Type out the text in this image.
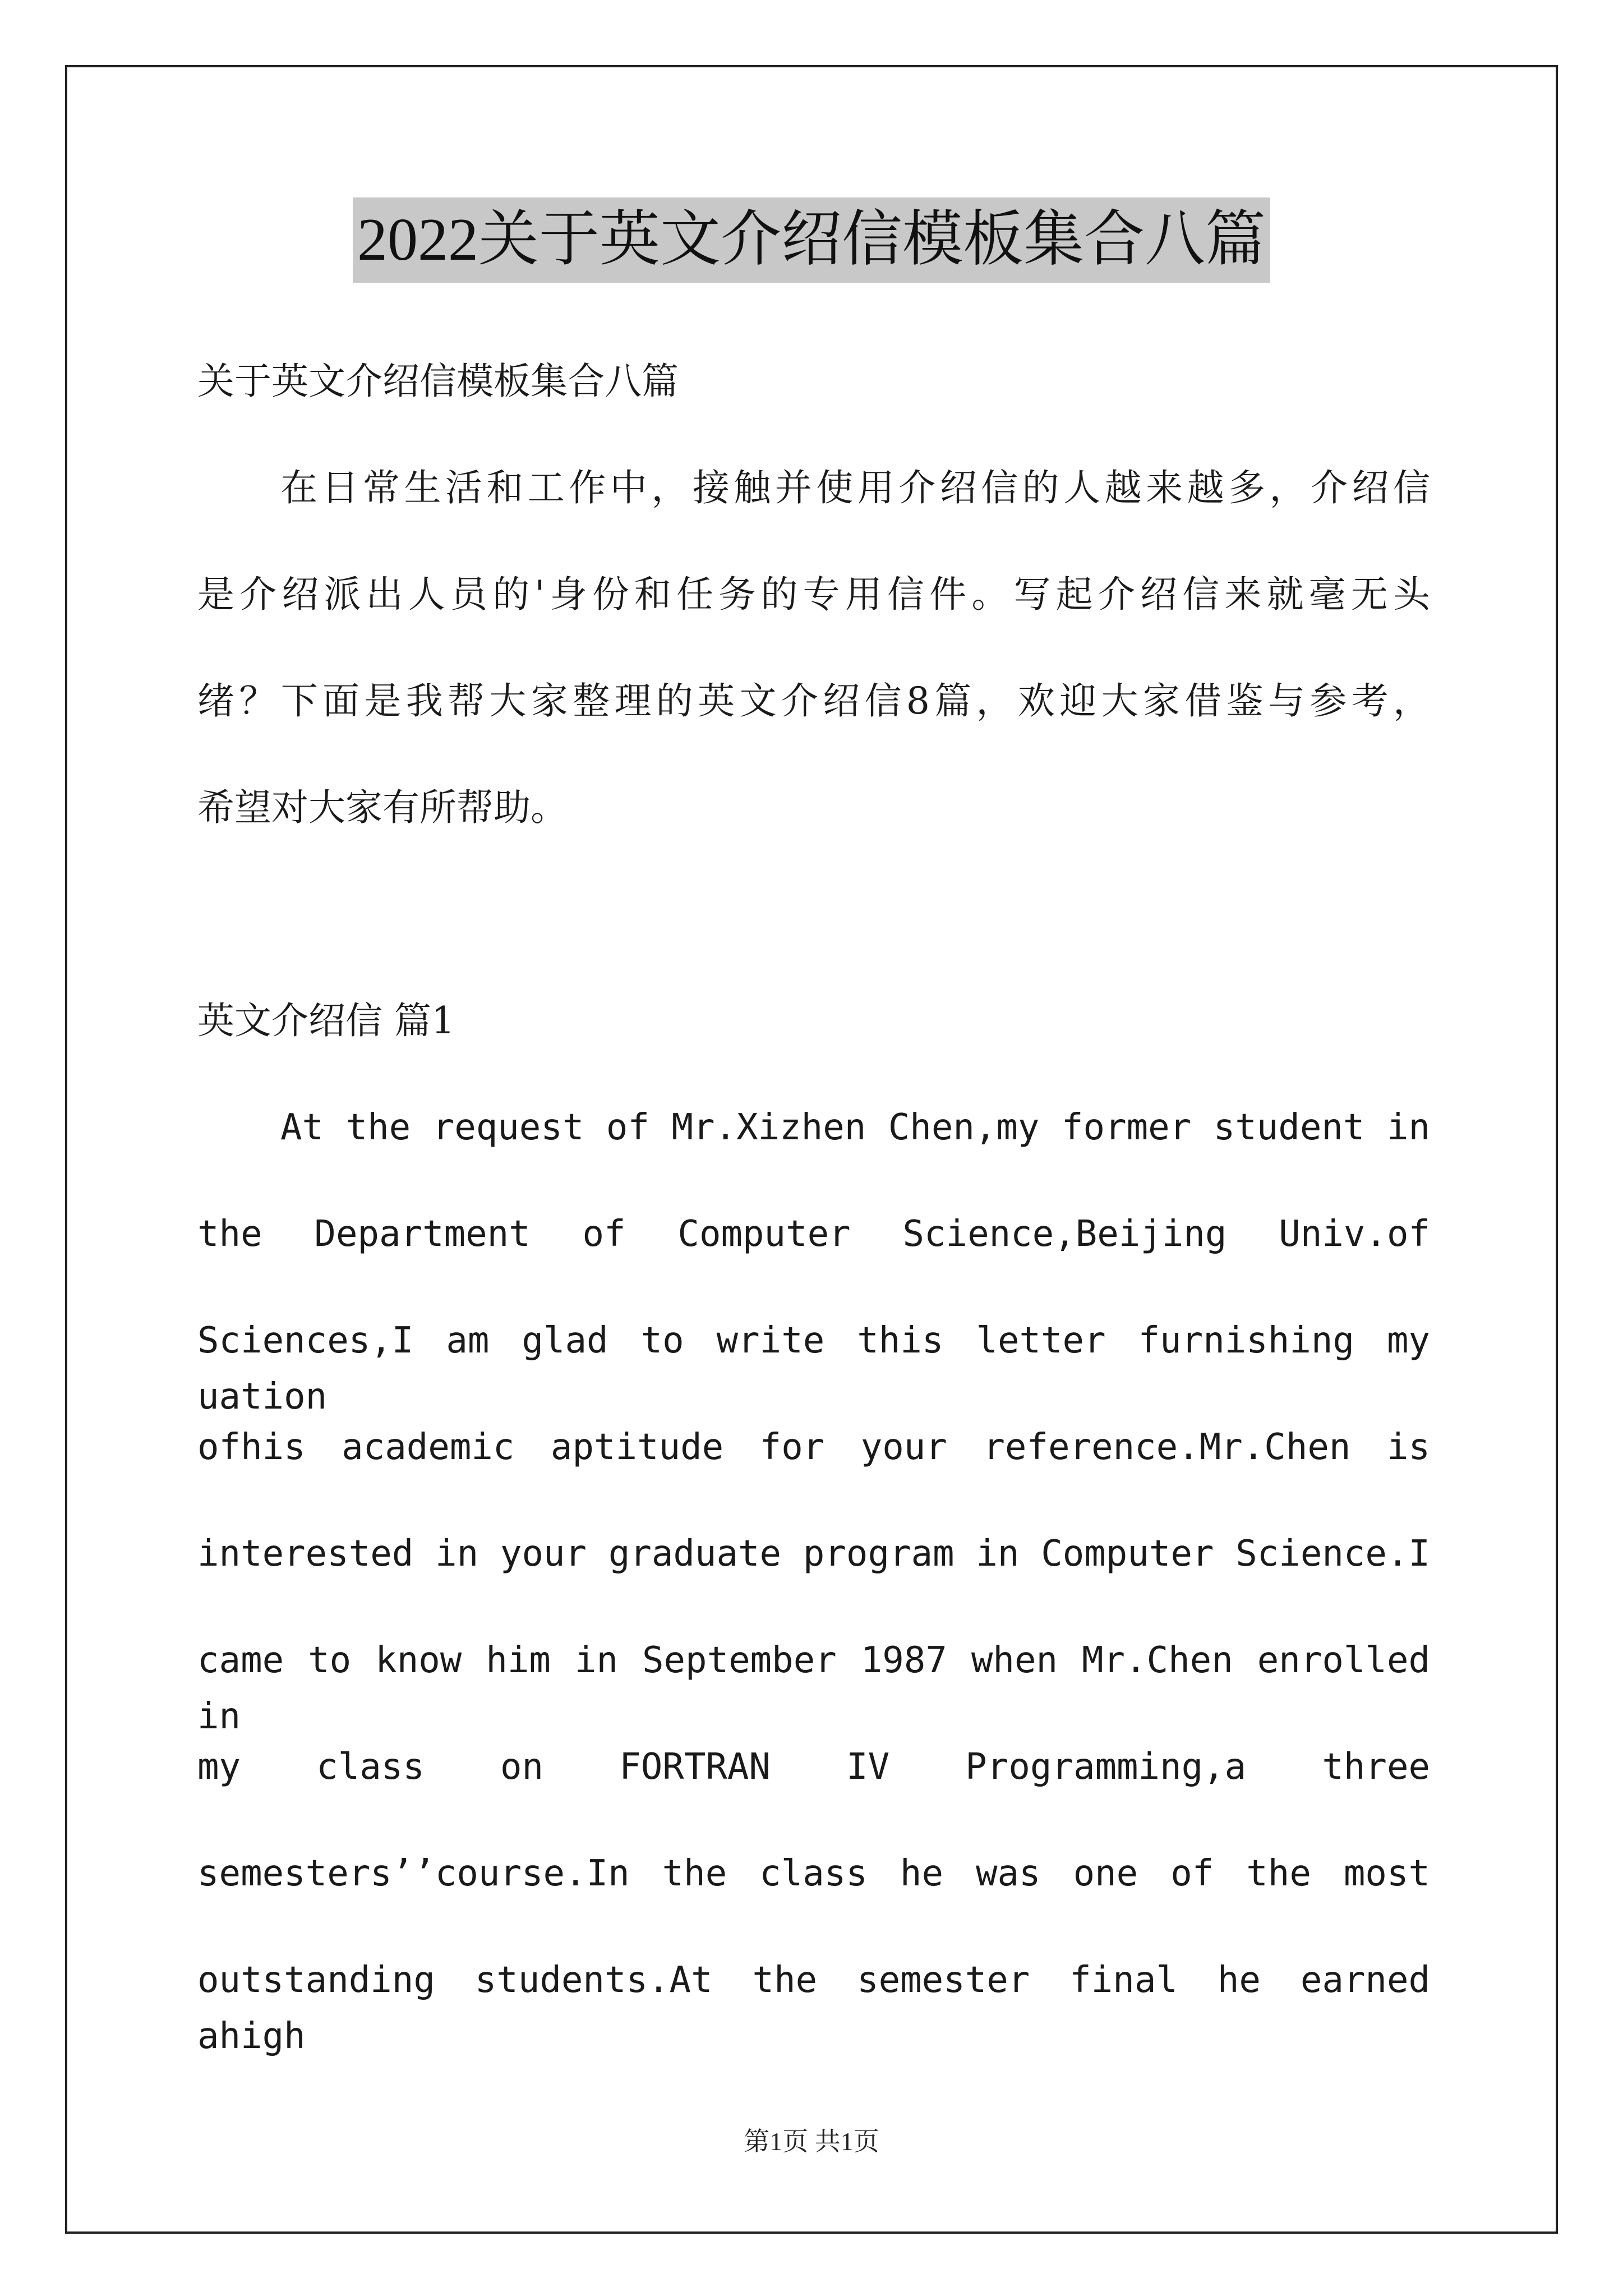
2022关于英文介绍信模板集合八篇
关于英文介绍信模板集合八篇
在日常生活和工作中，接触并使用介绍信的人越来越多，介绍信
是介绍派出人员的'身份和任务的专用信件。写起介绍信来就毫无头
绪？下面是我帮大家整理的英文介绍信8篇，欢迎大家借鉴与参考，
希望对大家有所帮助。
英文介绍信 篇1
At the request of Mr.Xizhen Chen,my former student in
the Department of Computer Science,Beijing Univ.of
Sciences,I am glad to write this letter furnishing my uation
ofhis academic aptitude for your reference.Mr.Chen is
interested in your graduate program in Computer Science.I
came to know him in September 1987 when Mr.Chen enrolled in
my class on FORTRAN IV Programming,a three
semesters’’course.In the class he was one of the most
outstanding students.At the semester final he earned ahigh
第1页 共1页
